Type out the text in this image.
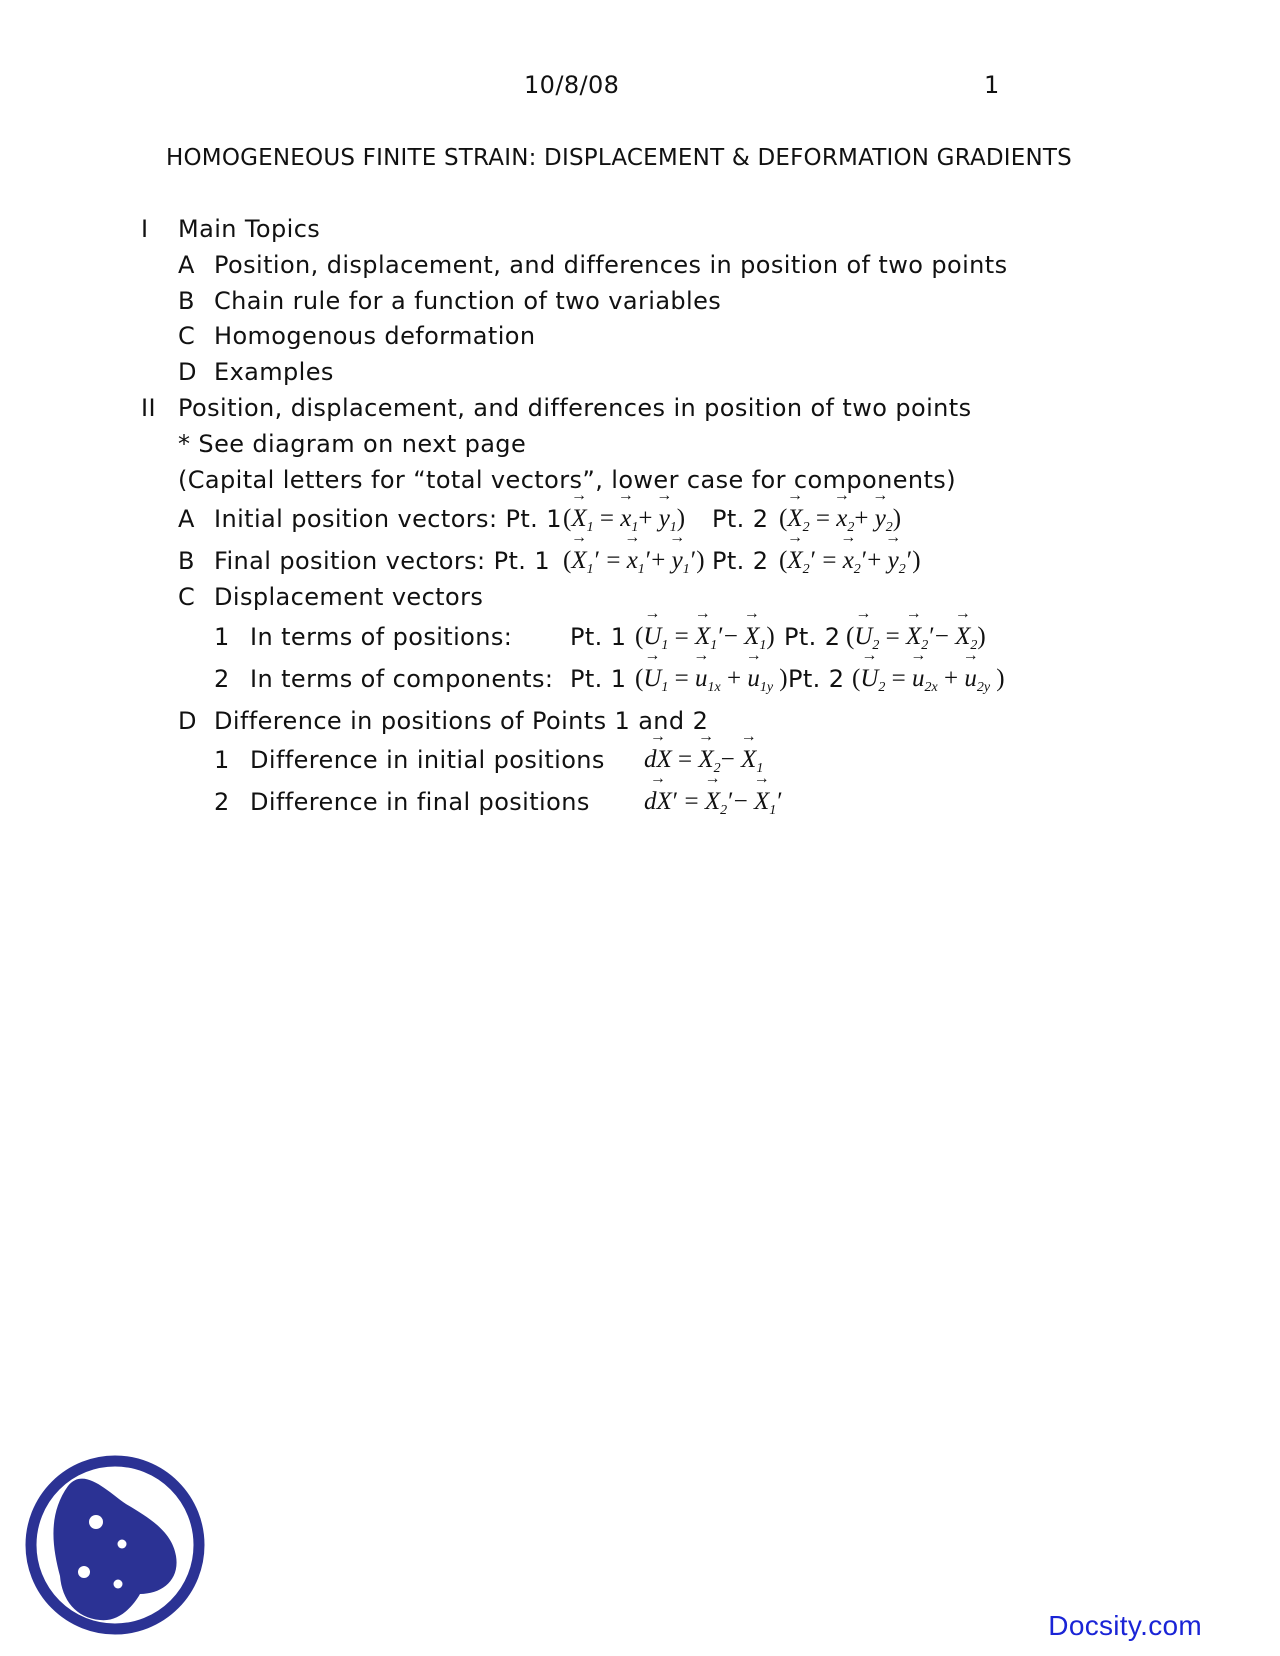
10/8/08	1
HOMOGENEOUS FINITE STRAIN: DISPLACEMENT & DEFORMATION GRADIENTS
I Main Topics
A Position, displacement, and differences in position of two points
B Chain rule for a function of two variables
C Homogenous deformation
D Examples
II Position, displacement, and differences in position of two points
* See diagram on next page
(Capital letters for “total vectors”, lower case for components)
A Initial position vectors: Pt. 1 (→ $X_1$ = → $x_1+ \to y_1$) Pt. 2 (→ $X_2$ = → $x_2+ \to y_2$)
B Final position vectors: Pt. 1 (→ $X_1'$ = → $x_1'+ \to y_1'$) Pt. 2 (→ $X_2'$ = → $x_2'+ \to y_2'$)
C Displacement vectors
1 In terms of positions: Pt. 1 (→ $U_1$ = → $X_1'- \to X_1$) Pt. 2 (→ $U_2$ = → $X_2'- \to X_2$)
2 In terms of components: Pt. 1 (→ $U_1$ = → $u_{1x}$ + → $u_{1y}$ ) Pt. 2 (→ $U_2$ = → $u_{2x}$ + → $u_{2y}$ )
D Difference in positions of Points 1 and 2
1 Difference in initial positions → dX = → $X_2- \to X_1$
2 Difference in final positions → dX′ = → $X_2'- \to X_1'$
Docsity.com
